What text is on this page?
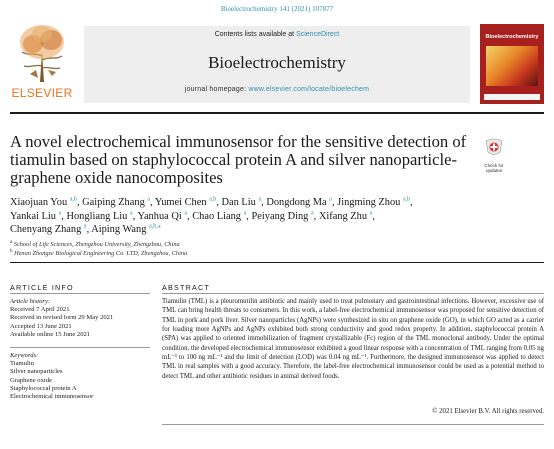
Bioelectrochemistry 141 (2021) 107877
ELSEVIER
Contents lists available at ScienceDirect
Bioelectrochemistry
journal homepage: www.elsevier.com/locate/bioelechem
Bioelectrochemistry
A novel electrochemical immunosensor for the sensitive detection of
tiamulin based on staphylococcal protein A and silver nanoparticle-
graphene oxide nanocomposites
Check for
updates
Xiaojuan You $^{a,b}$, Gaiping Zhang $^a$, Yumei Chen $^{a,b}$, Dan Liu $^a$, Dongdong Ma $^a$, Jingming Zhou $^{a,b}$,
Yankai Liu $^a$, Hongliang Liu $^a$, Yanhua Qi $^a$, Chao Liang $^a$, Peiyang Ding $^a$, Xifang Zhu $^a$,
Chenyang Zhang $^a$, Aiping Wang $^{a,b,⁎}$
$^a$ School of Life Sciences, Zhengzhou University, Zhengzhou, China
$^b$ Henan Zhongze Biological Engineering Co. LTD, Zhengzhou, China
ARTICLE INFO	ABSTRACT
Article history:
Received 7 April 2021
Received in revised form 29 May 2021
Accepted 13 June 2021
Available online 15 June 2021
Keywords:
Tiamulin
Silver nanoparticles
Graphene oxide
Staphylococcal protein A
Electrochemical immunosensor
Tiamulin (TML) is a pleuromutilin antibiotic and mainly used to treat pulmonary and gastrointestinal infections. However, excessive use of TML can bring health threats to consumers. In this work, a label-free electrochemical immunosensor was proposed for sensitive detection of TML in pork and pork liver. Silver nanoparticles (AgNPs) were synthesized in situ on graphene oxide (GO), in which GO acted as a carrier for loading more AgNPs and AgNPs exhibited both strong conductivity and good redox property. In addition, staphylococcal protein A (SPA) was applied to oriented immobilization of fragment crystallizable (Fc) region of the TML monoclonal antibody. Under the optimal condition, the developed electrochemical immunosensor exhibited a good linear response with a concentration of TML ranging from 0.05 ng mL⁻¹ to 100 ng mL⁻¹ and the limit of detection (LOD) was 0.04 ng mL⁻¹. Furthermore, the designed immunosensor was applied to detect TML in real samples with a good accuracy. Therefore, the label-free electrochemical immunosensor could be used as a potential method to detect TML and other antibiotic residues in animal derived foods.
© 2021 Elsevier B.V. All rights reserved.
